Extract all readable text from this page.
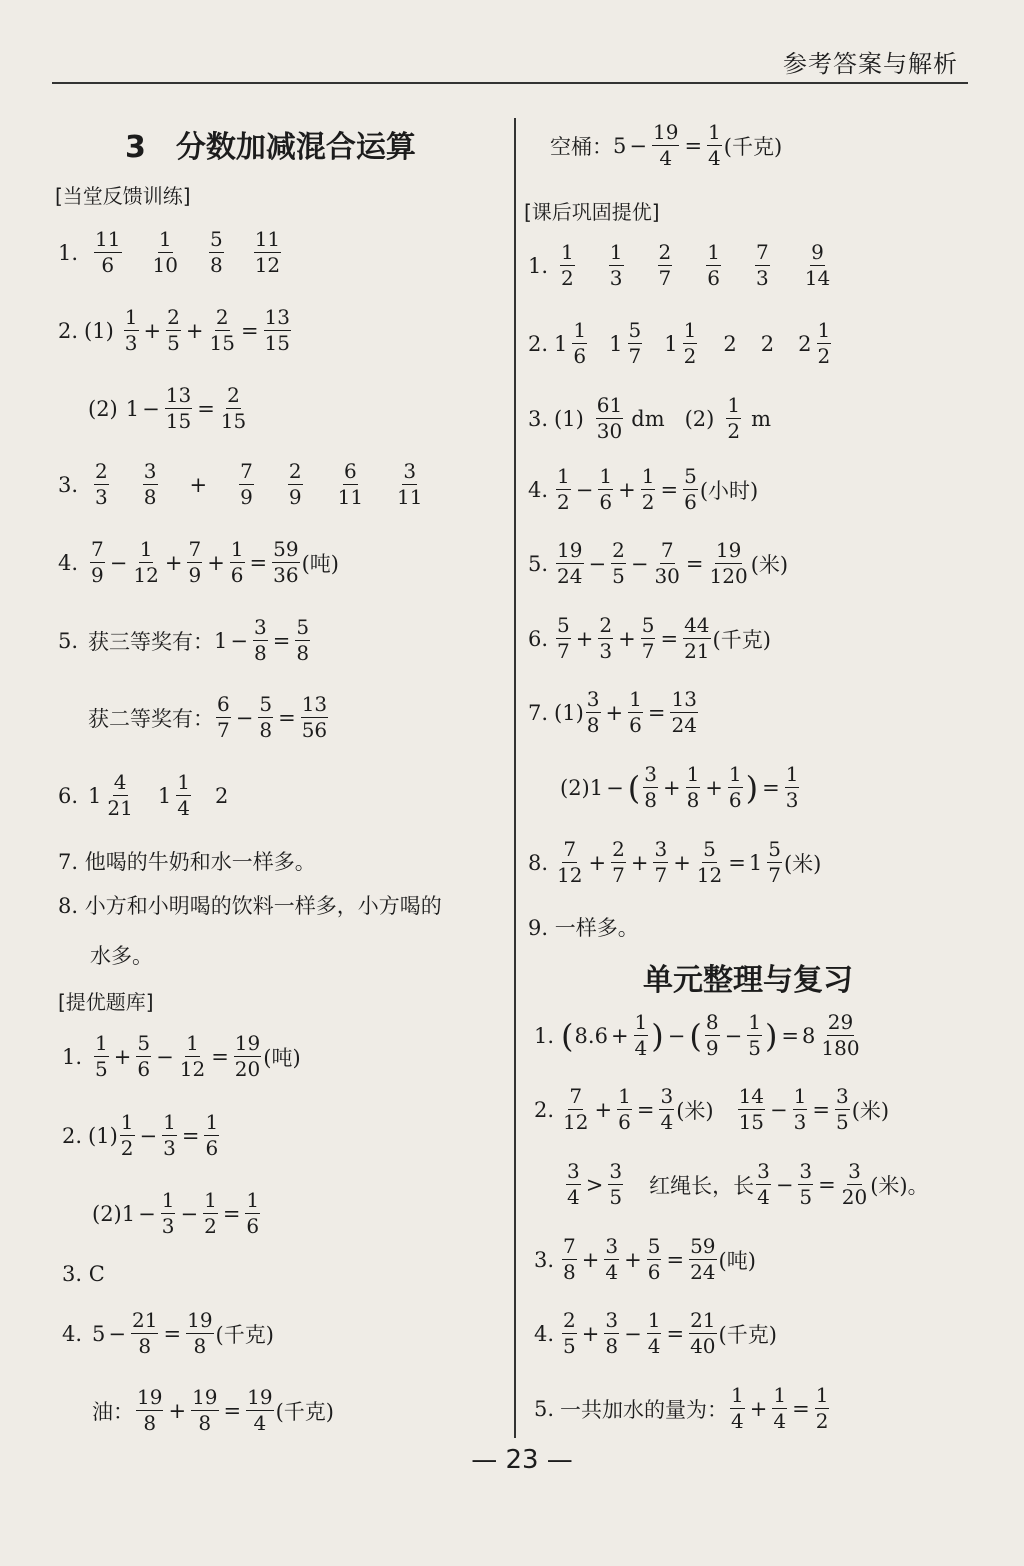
参考答案与解析
3　分数加减混合运算
[当堂反馈训练]
1. $\frac{11}{6} \frac{1}{10} \frac{5}{8} \frac{11}{12}$
2. $(1) \frac{1}{3} + \frac{2}{5} + \frac{2}{15} = \frac{13}{15}$
(2) $1 - \frac{13}{15} = \frac{2}{15}$
3. $\frac{2}{3} \frac{3}{8} + \frac{7}{9} \frac{2}{9} \frac{6}{11} \frac{3}{11}$
4. $\frac{7}{9} - \frac{1}{12} + \frac{7}{9} + \frac{1}{6} = \frac{59}{36}$ (吨)
5. 获三等奖有： $1 - \frac{3}{8} = \frac{5}{8}$
获二等奖有： $\frac{6}{7} - \frac{5}{8} = \frac{13}{56}$
6. $1 \frac{4}{21} 1 \frac{1}{4} 2$
7. 他喝的牛奶和水一样多。
8. 小方和小明喝的饮料一样多，小方喝的
水多。
[提优题库]
1. $\frac{1}{5} + \frac{5}{6} - \frac{1}{12} = \frac{19}{20}$ (吨)
2. $(1) \frac{1}{2} - \frac{1}{3} = \frac{1}{6}$
(2) $1 - \frac{1}{3} - \frac{1}{2} = \frac{1}{6}$
3. C
4. $5 - \frac{21}{8} = \frac{19}{8}$ (千克)
油： $\frac{19}{8} + \frac{19}{8} = \frac{19}{4}$ (千克)
空桶： $5 - \frac{19}{4} = \frac{1}{4}$ (千克)
[课后巩固提优]
1. $\frac{1}{2} \frac{1}{3} \frac{2}{7} \frac{1}{6} \frac{7}{3} \frac{9}{14}$
2. $1 \frac{1}{6} 1 \frac{5}{7} 1 \frac{1}{2} 2$ 2 $2 \frac{1}{2}$
3. $(1) \frac{61}{30}$ dm $(2) \frac{1}{2}$ m
4. $\frac{1}{2} - \frac{1}{6} + \frac{1}{2} = \frac{5}{6}$ (小时)
5. $\frac{19}{24} - \frac{2}{5} - \frac{7}{30} = \frac{19}{120}$ (米)
6. $\frac{5}{7} + \frac{2}{3} + \frac{5}{7} = \frac{44}{21}$ (千克)
7. $(1) \frac{3}{8} + \frac{1}{6} = \frac{13}{24}$
(2) 1 − ( $\frac{3}{8} + \frac{1}{8} + \frac{1}{6}$ ) = $\frac{1}{3}$
8. $\frac{7}{12} + \frac{2}{7} + \frac{3}{7} + \frac{5}{12} = 1 \frac{5}{7}$ (米)
9. 一样多。
单元整理与复习
1. ( $8.6 + \frac{1}{4}$ ) − ( $\frac{8}{9} - \frac{1}{5}$ ) = $8 \frac{29}{180}$
2. $\frac{7}{12} + \frac{1}{6} = \frac{3}{4}$ (米) $\frac{14}{15} - \frac{1}{3} = \frac{3}{5}$ (米)
$\frac{3}{4} > \frac{3}{5}$ 红绳长，长 $\frac{3}{4} - \frac{3}{5} = \frac{3}{20}$ (米)。
3. $\frac{7}{8} + \frac{3}{4} + \frac{5}{6} = \frac{59}{24}$ (吨)
4. $\frac{2}{5} + \frac{3}{8} - \frac{1}{4} = \frac{21}{40}$ (千克)
5. 一共加水的量为： $\frac{1}{4} + \frac{1}{4} = \frac{1}{2}$
— 23 —
